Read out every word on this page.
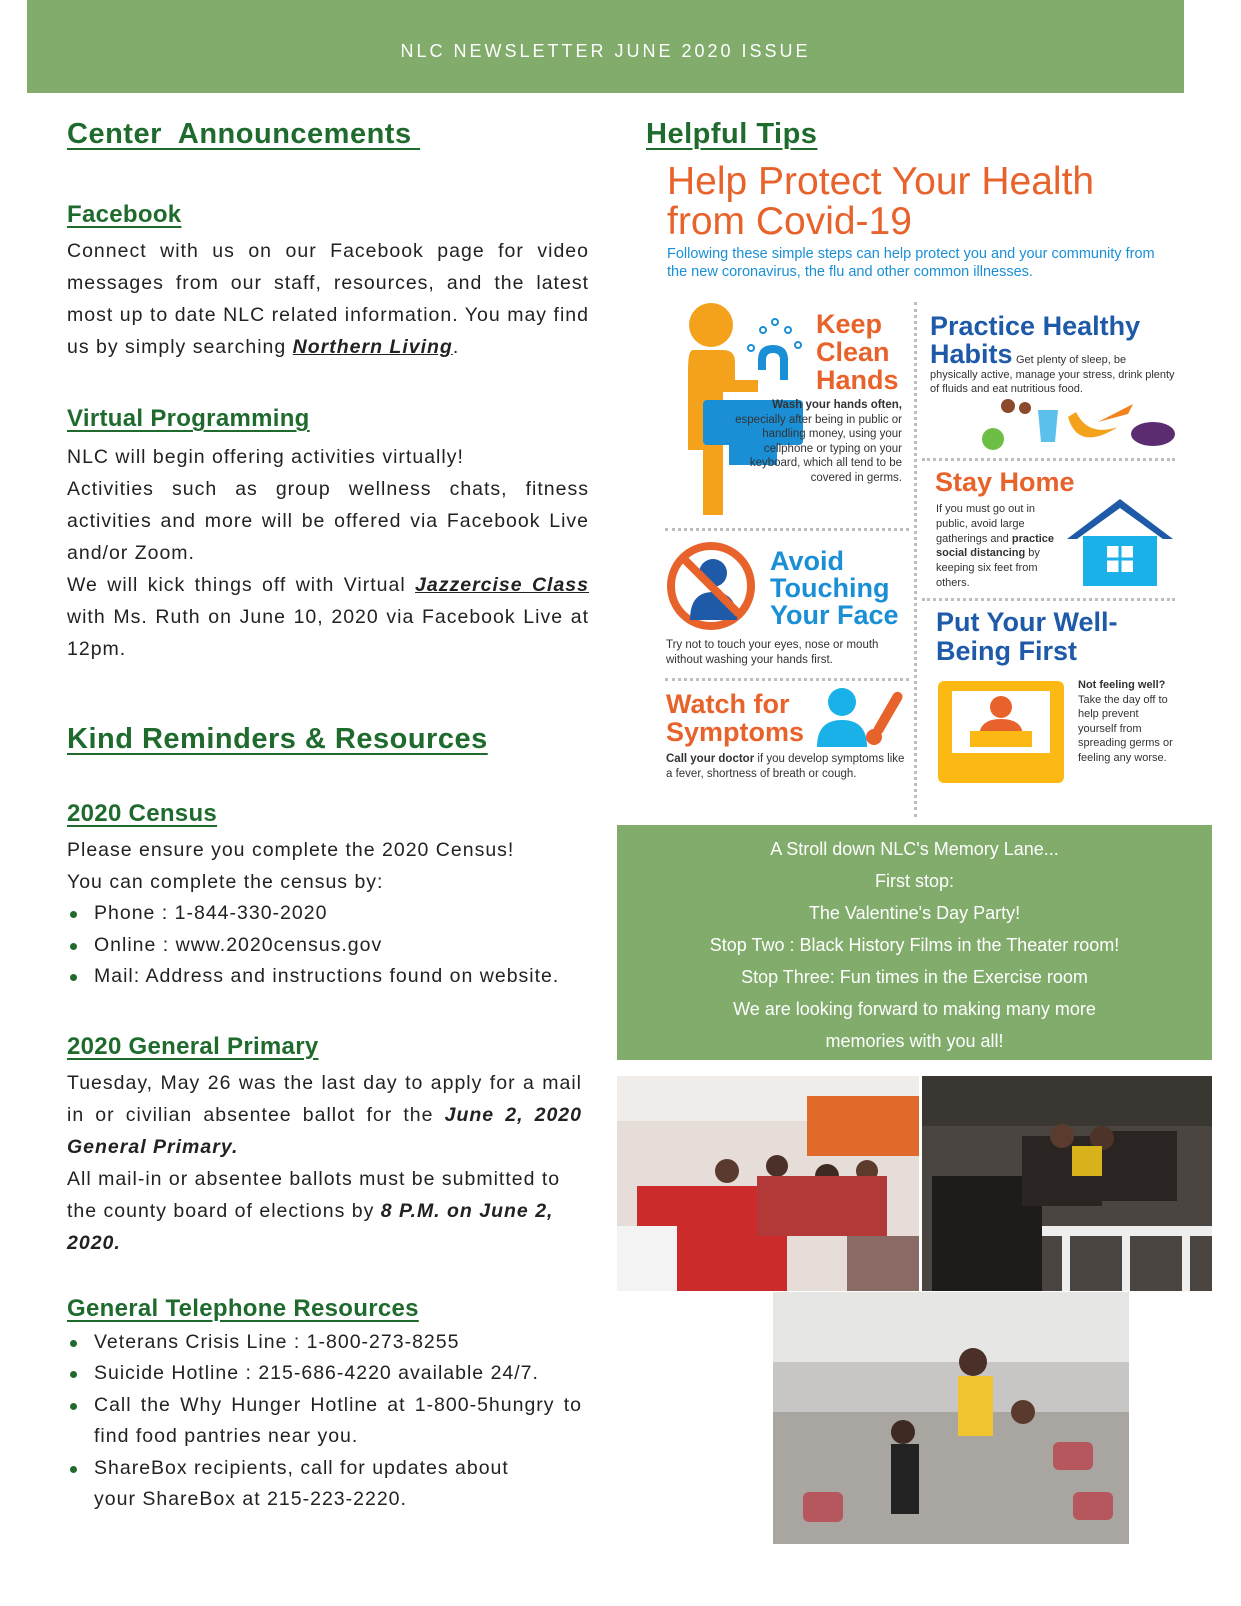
NLC NEWSLETTER JUNE 2020 ISSUE
Center  Announcements
Facebook

Connect with us on our Facebook page for video messages from our staff, resources, and the latest most up to date NLC related information. You may find us by simply searching Northern Living.

Virtual Programming

NLC will begin offering activities virtually!

Activities such as group wellness chats, fitness activities and more will be offered via Facebook Live and/or Zoom.

We will kick things off with Virtual Jazzercise Class with Ms. Ruth on June 10, 2020 via Facebook Live at 12pm.

Kind Reminders & Resources
2020 Census

Please ensure you complete the 2020 Census!

You can complete the census by:

Phone : 1-844-330-2020
Online : www.2020census.gov
Mail: Address and instructions found on website.
2020 General Primary

Tuesday, May 26 was the last day to apply for a mail in or civilian absentee ballot for the June 2, 2020 General Primary.

All mail-in or absentee ballots must be submitted to the county board of elections by 8 P.M. on June 2, 2020.

General Telephone Resources
Veterans Crisis Line : 1-800-273-8255
Suicide Hotline : 215-686-4220 available 24/7.
Call the Why Hunger Hotline at 1-800-5hungry to find food pantries near you.
ShareBox recipients, call for updates about your ShareBox at 215-223-2220.
Helpful Tips
Help Protect Your Health from Covid-19
Following these simple steps can help protect you and your community from the new coronavirus, the flu and other common illnesses.
Keep Clean Hands
Wash your hands often, especially after being in public or handling money, using your cellphone or typing on your keyboard, which all tend to be covered in germs.
Practice Healthy
Habits Get plenty of sleep, be physically active, manage your stress, drink plenty of fluids and eat nutritious food.
Stay Home
If you must go out in public, avoid large gatherings and practice social distancing by keeping six feet from others.
Avoid Touching Your Face
Try not to touch your eyes, nose or mouth without washing your hands first.
Put Your Well-Being First
Not feeling well? Take the day off to help prevent yourself from spreading germs or feeling any worse.
Watch for Symptoms
Call your doctor if you develop symptoms like a fever, shortness of breath or cough.
A Stroll down NLC's Memory Lane...
First stop:
The Valentine's Day Party!
Stop Two : Black History Films in the Theater room!
Stop Three: Fun times in the Exercise room
We are looking forward to making many more
memories with you all!
